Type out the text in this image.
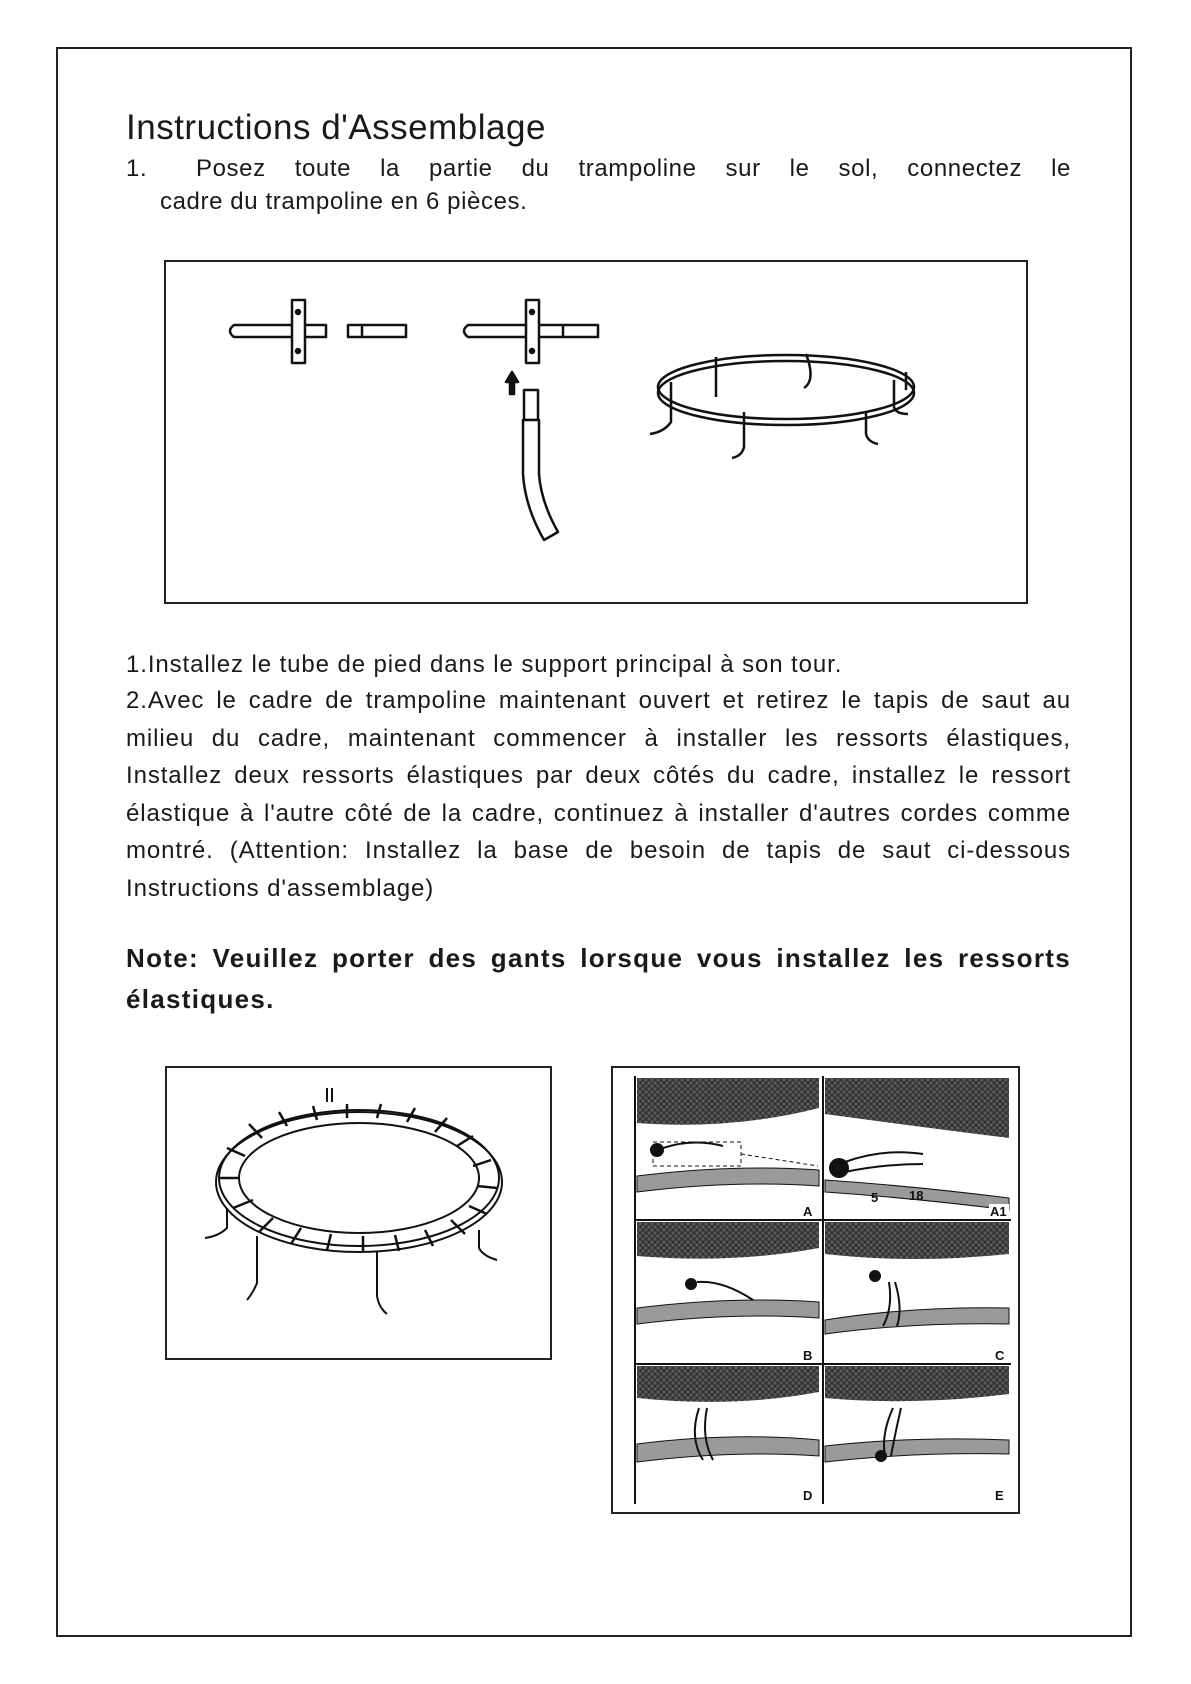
Instructions d'Assemblage
1. Posez toute la partie du trampoline sur le sol, connectez le
cadre du trampoline en 6 pièces.
1.Installez le tube de pied dans le support principal à son tour.
2.Avec le cadre de trampoline maintenant ouvert et retirez le tapis de saut au milieu du cadre, maintenant commencer à installer les ressorts élastiques, Installez deux ressorts élastiques par deux côtés du cadre, installez le ressort élastique à l'autre côté de la cadre, continuez à installer d'autres cordes comme montré. (Attention: Installez la base de besoin de tapis de saut ci-dessous Instructions d'assemblage)
Note: Veuillez porter des gants lorsque vous installez les ressorts élastiques.
A	A1
5 18
B	C
D	E
